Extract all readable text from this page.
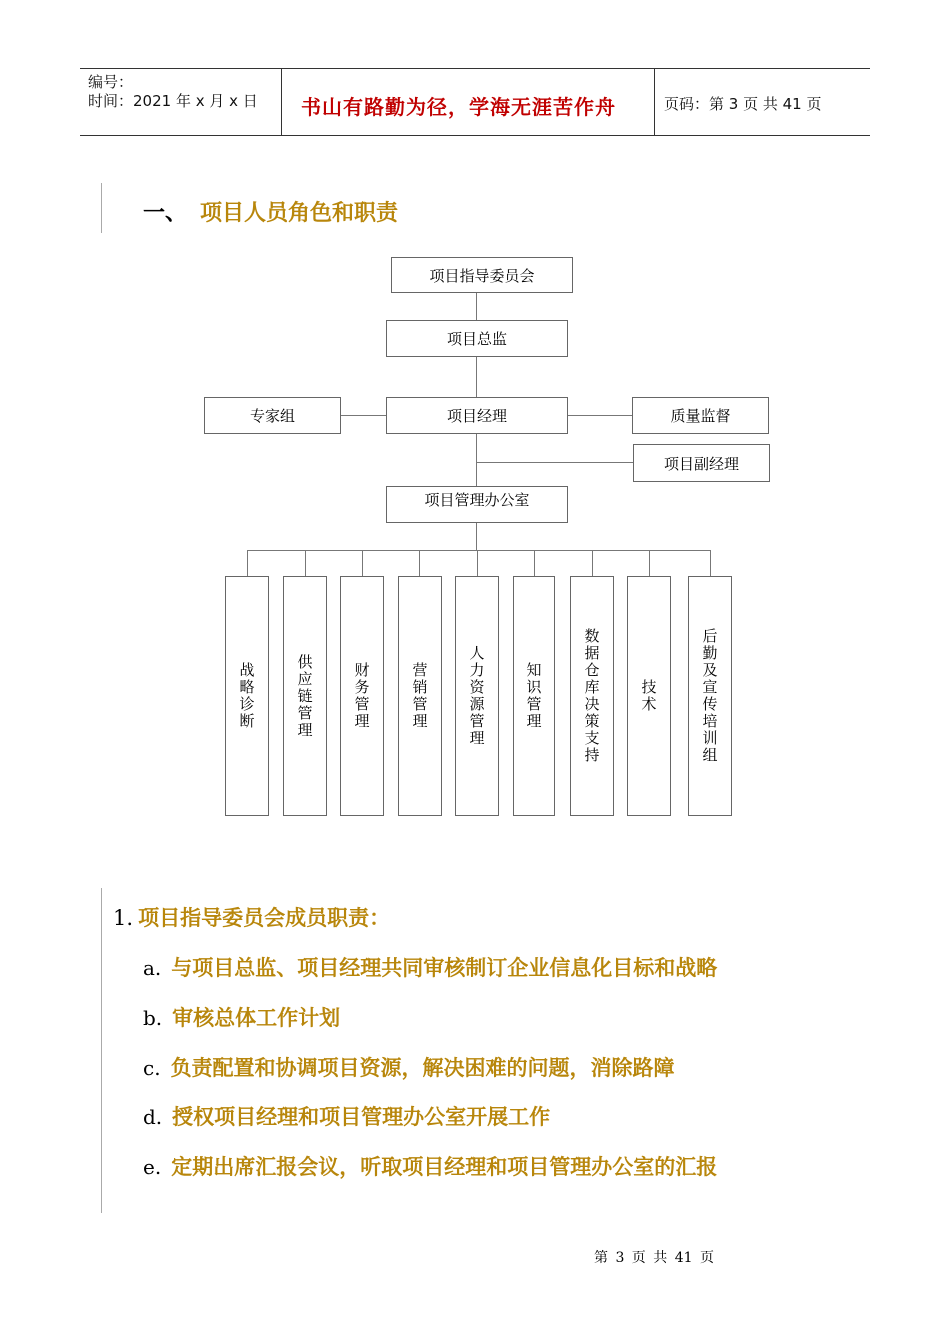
编号：
时间：2021 年 x 月 x 日 书山有路勤为径，学海无涯苦作舟	页码：第 3 页 共 41 页
一、 项目人员角色和职责
项目指导委员会
项目总监
专家组	项目经理	质量监督
项目副经理
项目管理办公室
战略诊断	供应链管理	财务管理	营销管理	人力资源管理	知识管理	数据仓库决策支持	技术	后勤及宣传培训组
1. 项目指导委员会成员职责：
a. 与项目总监、项目经理共同审核制订企业信息化目标和战略
b. 审核总体工作计划
c. 负责配置和协调项目资源，解决困难的问题，消除路障
d. 授权项目经理和项目管理办公室开展工作
e. 定期出席汇报会议，听取项目经理和项目管理办公室的汇报
第 3 页 共 41 页
